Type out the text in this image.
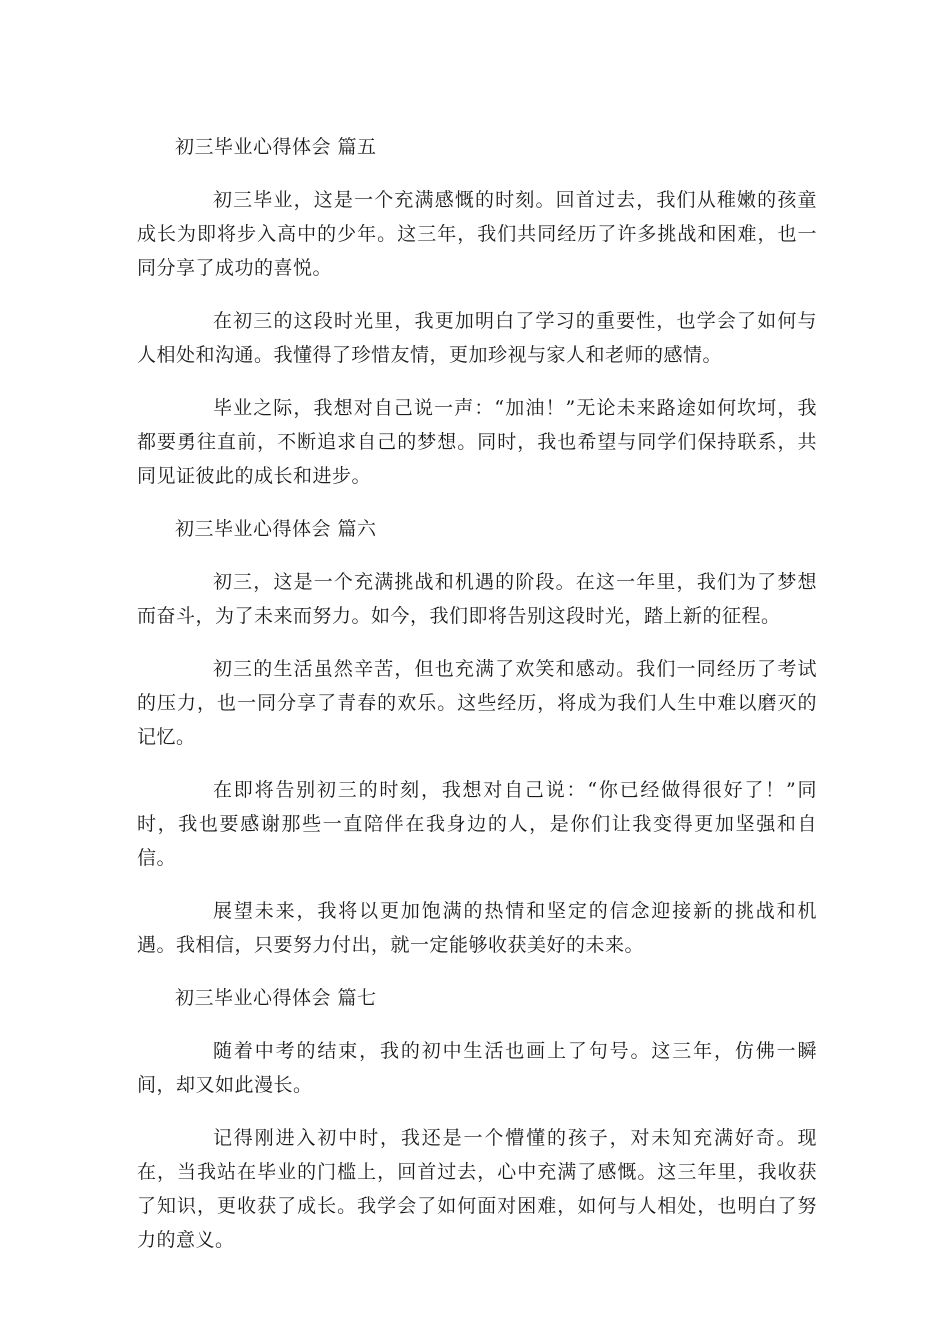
初三毕业心得体会 篇五

初三毕业，这是一个充满感慨的时刻。回首过去，我们从稚嫩的孩童成长为即将步入高中的少年。这三年，我们共同经历了许多挑战和困难，也一同分享了成功的喜悦。

在初三的这段时光里，我更加明白了学习的重要性，也学会了如何与人相处和沟通。我懂得了珍惜友情，更加珍视与家人和老师的感情。

毕业之际，我想对自己说一声：“加油！”无论未来路途如何坎坷，我都要勇往直前，不断追求自己的梦想。同时，我也希望与同学们保持联系，共同见证彼此的成长和进步。

初三毕业心得体会 篇六

初三，这是一个充满挑战和机遇的阶段。在这一年里，我们为了梦想而奋斗，为了未来而努力。如今，我们即将告别这段时光，踏上新的征程。

初三的生活虽然辛苦，但也充满了欢笑和感动。我们一同经历了考试的压力，也一同分享了青春的欢乐。这些经历，将成为我们人生中难以磨灭的记忆。

在即将告别初三的时刻，我想对自己说：“你已经做得很好了！”同时，我也要感谢那些一直陪伴在我身边的人，是你们让我变得更加坚强和自信。

展望未来，我将以更加饱满的热情和坚定的信念迎接新的挑战和机遇。我相信，只要努力付出，就一定能够收获美好的未来。

初三毕业心得体会 篇七

随着中考的结束，我的初中生活也画上了句号。这三年，仿佛一瞬间，却又如此漫长。

记得刚进入初中时，我还是一个懵懂的孩子，对未知充满好奇。现在，当我站在毕业的门槛上，回首过去，心中充满了感慨。这三年里，我收获了知识，更收获了成长。我学会了如何面对困难，如何与人相处，也明白了努力的意义。
